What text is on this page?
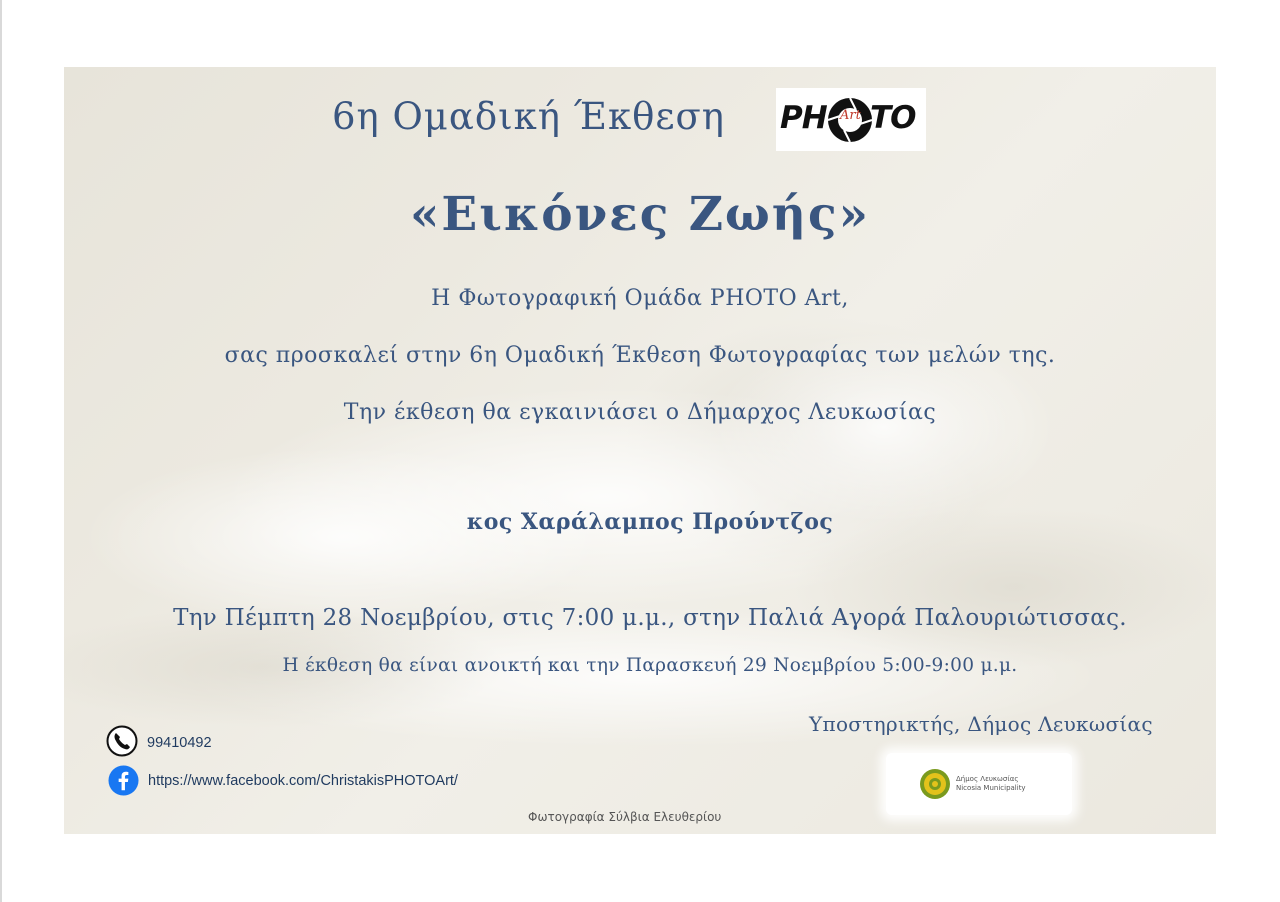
6η Ομαδική Έκθεση PH Art TO
«Εικόνες Ζωής»
Η Φωτογραφική Ομάδα PHOTO Art,
σας προσκαλεί στην 6η Ομαδική Έκθεση Φωτογραφίας των μελών της.
Την έκθεση θα εγκαινιάσει ο Δήμαρχος Λευκωσίας
κος Χαράλαμπος Προύντζος
Την Πέμπτη 28 Νοεμβρίου, στις 7:00 μ.μ., στην Παλιά Αγορά Παλουριώτισσας.
Η έκθεση θα είναι ανοικτή και την Παρασκευή 29 Νοεμβρίου 5:00-9:00 μ.μ.
Υποστηρικτής, Δήμος Λευκωσίας
99410492
https://www.facebook.com/ChristakisPHOTOArt/	Δήμος Λευκωσίας
Nicosia Municipality
Φωτογραφία Σύλβια Ελευθερίου
